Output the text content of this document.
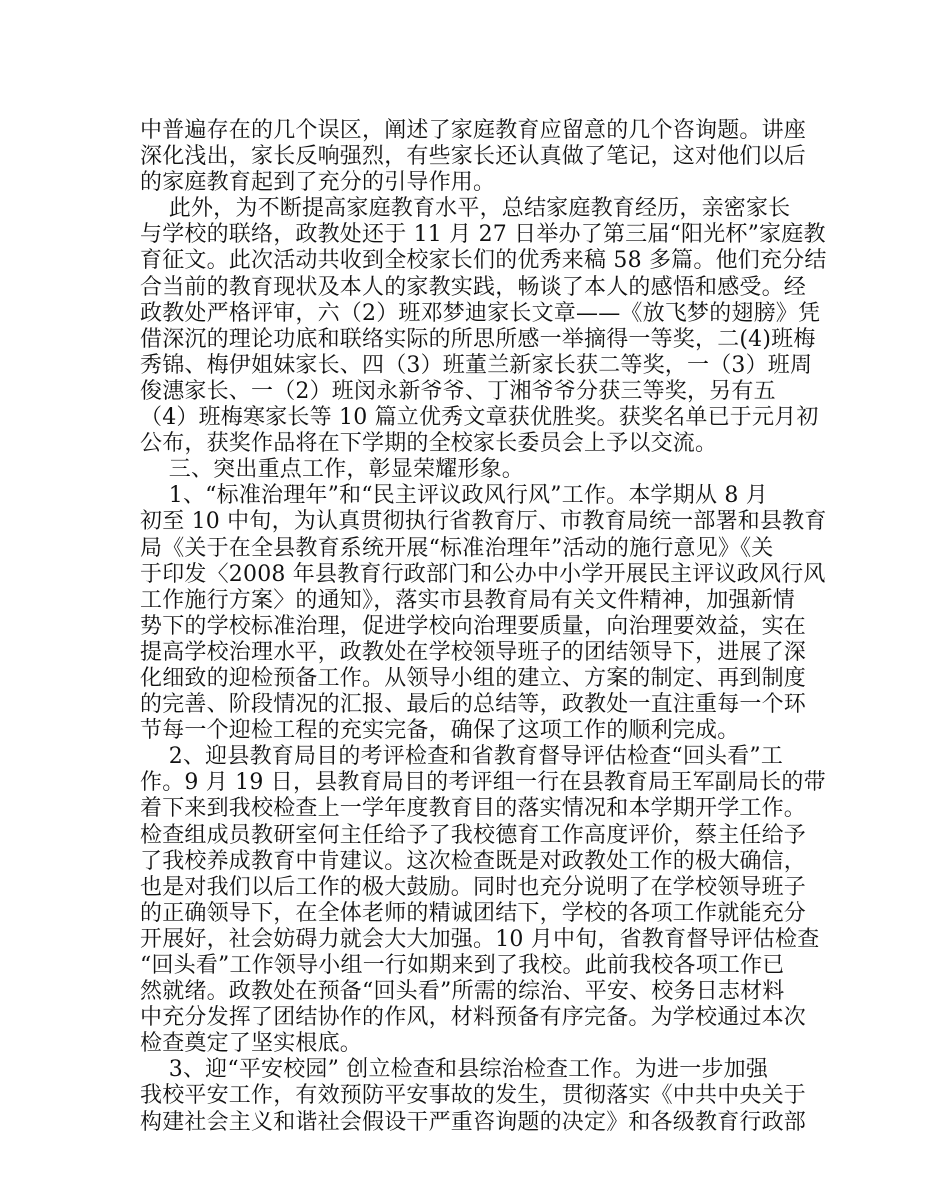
中普遍存在的几个误区，阐述了家庭教育应留意的几个咨询题。讲座
深化浅出，家长反响强烈，有些家长还认真做了笔记，这对他们以后
的家庭教育起到了充分的引导作用。
此外，为不断提高家庭教育水平，总结家庭教育经历，亲密家长
与学校的联络，政教处还于 11 月 27 日举办了第三届“阳光杯”家庭教
育征文。此次活动共收到全校家长们的优秀来稿 58 多篇。他们充分结
合当前的教育现状及本人的家教实践，畅谈了本人的感悟和感受。经
政教处严格评审，六（2）班邓梦迪家长文章——《放飞梦的翅膀》凭
借深沉的理论功底和联络实际的所思所感一举摘得一等奖，二(4)班梅
秀锦、梅伊姐妹家长、四（3）班董兰新家长获二等奖，一（3）班周
俊潓家长、一（2）班闵永新爷爷、丁湘爷爷分获三等奖，另有五
（4）班梅寒家长等 10 篇立优秀文章获优胜奖。获奖名单已于元月初
公布，获奖作品将在下学期的全校家长委员会上予以交流。
三、突出重点工作，彰显荣耀形象。
1、“标准治理年”和“民主评议政风行风”工作。本学期从 8 月
初至 10 中旬，为认真贯彻执行省教育厅、市教育局统一部署和县教育
局《关于在全县教育系统开展“标准治理年”活动的施行意见》《关
于印发〈2008 年县教育行政部门和公办中小学开展民主评议政风行风
工作施行方案〉的通知》，落实市县教育局有关文件精神，加强新情
势下的学校标准治理，促进学校向治理要质量，向治理要效益，实在
提高学校治理水平，政教处在学校领导班子的团结领导下，进展了深
化细致的迎检预备工作。从领导小组的建立、方案的制定、再到制度
的完善、阶段情况的汇报、最后的总结等，政教处一直注重每一个环
节每一个迎检工程的充实完备，确保了这项工作的顺利完成。
2、迎县教育局目的考评检查和省教育督导评估检查“回头看”工
作。9 月 19 日，县教育局目的考评组一行在县教育局王军副局长的带
着下来到我校检查上一学年度教育目的落实情况和本学期开学工作。
检查组成员教研室何主任给予了我校德育工作高度评价，蔡主任给予
了我校养成教育中肯建议。这次检查既是对政教处工作的极大确信，
也是对我们以后工作的极大鼓励。同时也充分说明了在学校领导班子
的正确领导下，在全体老师的精诚团结下，学校的各项工作就能充分
开展好，社会妨碍力就会大大加强。10 月中旬，省教育督导评估检查
“回头看”工作领导小组一行如期来到了我校。此前我校各项工作已
然就绪。政教处在预备“回头看”所需的综治、平安、校务日志材料
中充分发挥了团结协作的作风，材料预备有序完备。为学校通过本次
检查奠定了坚实根底。
3、迎“平安校园” 创立检查和县综治检查工作。为进一步加强
我校平安工作，有效预防平安事故的发生，贯彻落实《中共中央关于
构建社会主义和谐社会假设干严重咨询题的决定》和各级教育行政部
